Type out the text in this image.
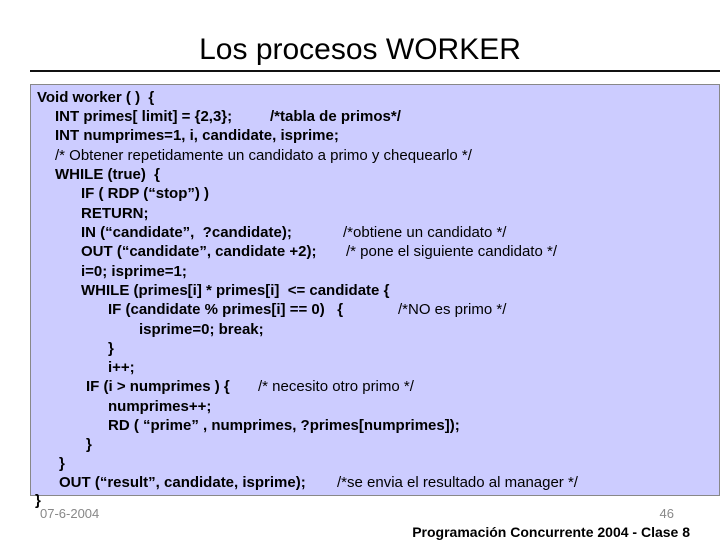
Los procesos WORKER
Void worker ( )  {
INT primes[ limit] = {2,3};	/*tabla de primos*/
INT numprimes=1, i, candidate, isprime;
/* Obtener repetidamente un candidato a primo y chequearlo */
WHILE (true)  {
IF ( RDP (“stop”) )
RETURN;
IN (“candidate”,  ?candidate);	/*obtiene un candidato */
OUT (“candidate”, candidate +2); /* pone el siguiente candidato */
i=0; isprime=1;
WHILE (primes[i] * primes[i]  <= candidate {
IF (candidate % primes[i] == 0)   {	/*NO es primo */
isprime=0; break;
}
i++;
IF (i > numprimes ) { /* necesito otro primo */
numprimes++;
RD ( “prime” , numprimes, ?primes[numprimes]);
}
}
OUT (“result”, candidate, isprime); /*se envia el resultado al manager */
}
07-6-2004	46
Programación Concurrente 2004 - Clase 8
